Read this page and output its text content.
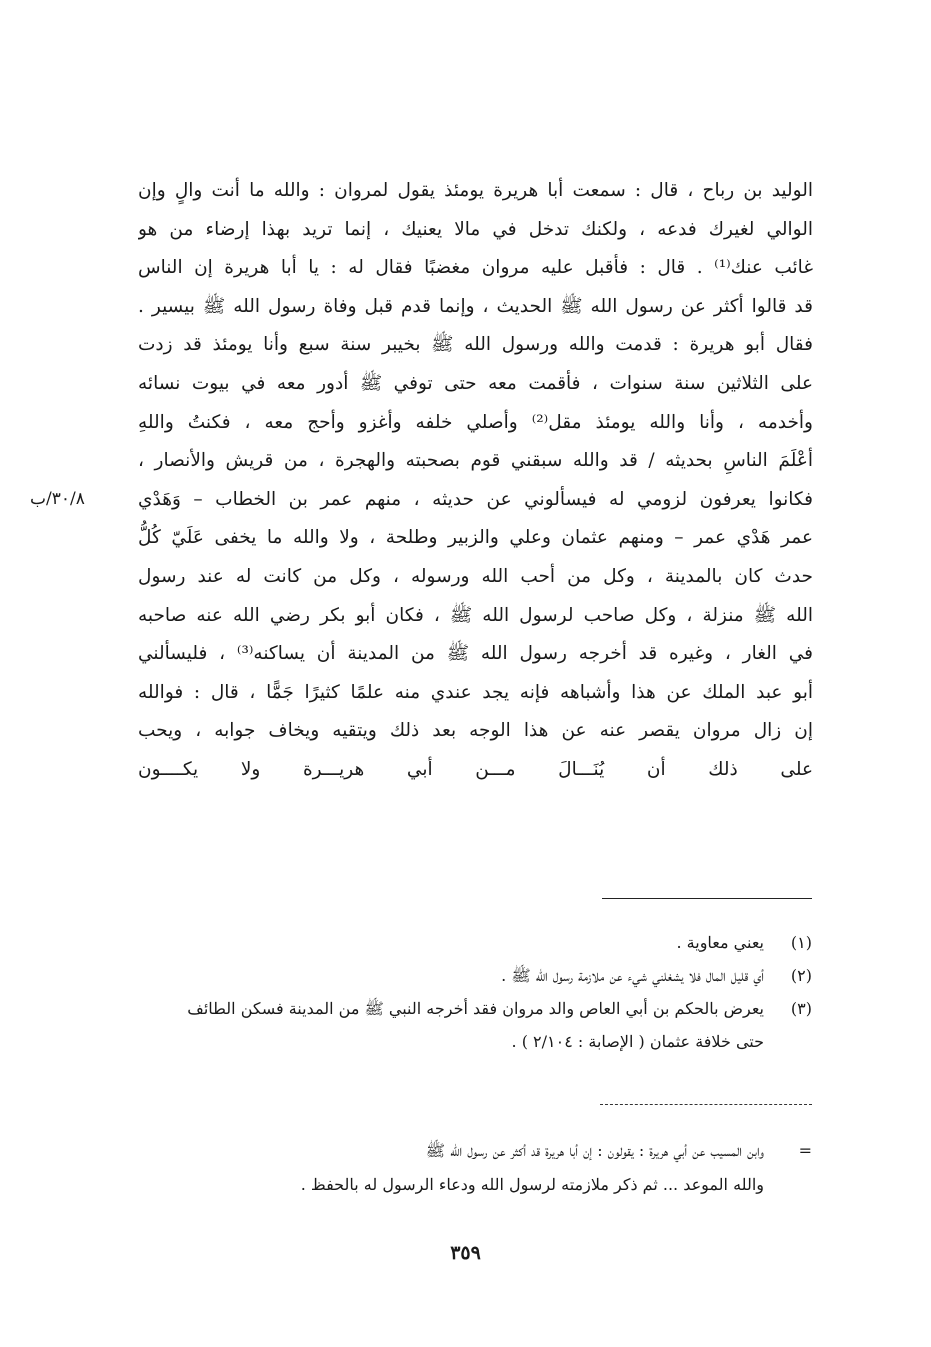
الوليد بن رباح ، قال : سمعت أبا هريرة يومئذ يقول لمروان : والله ما أنت والٍ وإن
الوالي لغيرك فدعه ، ولكنك تدخل في مالا يعنيك ، إنما تريد بهذا إرضاء من هو
غائب عنك⁽¹⁾ . قال : فأقبل عليه مروان مغضبًا فقال له : يا أبا هريرة إن الناس
قد قالوا أكثر عن رسول الله ﷺ الحديث ، وإنما قدم قبل وفاة رسول الله ﷺ بيسير .
فقال أبو هريرة : قدمت والله ورسول الله ﷺ بخيبر سنة سبع وأنا يومئذ قد زدت
على الثلاثين سنة سنوات ، فأقمت معه حتى توفي ﷺ أدور معه في بيوت نسائه
وأخدمه ، وأنا والله يومئذ مقل⁽²⁾ وأصلي خلفه وأغزو وأحج معه ، فكنتُ واللهِ
أعْلَمَ الناسِ بحديثه / قد والله سبقني قوم بصحبته والهجرة ، من قريش والأنصار ،
فكانوا يعرفون لزومي له فيسألوني عن حديثه ، منهم عمر بن الخطاب – وَهَدْي
عمر هَدْي عمر – ومنهم عثمان وعلي والزبير وطلحة ، ولا والله ما يخفى عَلَيّ كُلُّ
حدث كان بالمدينة ، وكل من أحب الله ورسوله ، وكل من كانت له عند رسول
الله ﷺ منزلة ، وكل صاحب لرسول الله ﷺ ، فكان أبو بكر رضي الله عنه صاحبه
في الغار ، وغيره قد أخرجه رسول الله ﷺ من المدينة أن يساكنه⁽³⁾ ، فليسألني
أبو عبد الملك عن هذا وأشباهه فإنه يجد عندي منه علمًا كثيرًا جَمًّا ، قال : فوالله
إن زال مروان يقصر عنه عن هذا الوجه بعد ذلك ويتقيه ويخاف جوابه ، ويحب
على ذلك أن يُنَـــالَ مـــن أبي هريـــرة ولا يكــــون
٣٠/٨/ب
(١)
يعني معاوية .
(٢)
أي قليل المال فلا يشغلني شيء عن ملازمة رسول الله ﷺ .
(٣)
يعرض بالحكم بن أبي العاص والد مروان فقد أخرجه النبي ﷺ من المدينة فسكن الطائف
حتى خلافة عثمان ( الإصابة : ٢/١٠٤ ) .
=
وابن المسيب عن أبي هريرة : يقولون : إن أبا هريرة قد أكثر عن رسول الله ﷺ
والله الموعد ... ثم ذكر ملازمته لرسول الله ودعاء الرسول له بالحفظ .
٣٥٩
